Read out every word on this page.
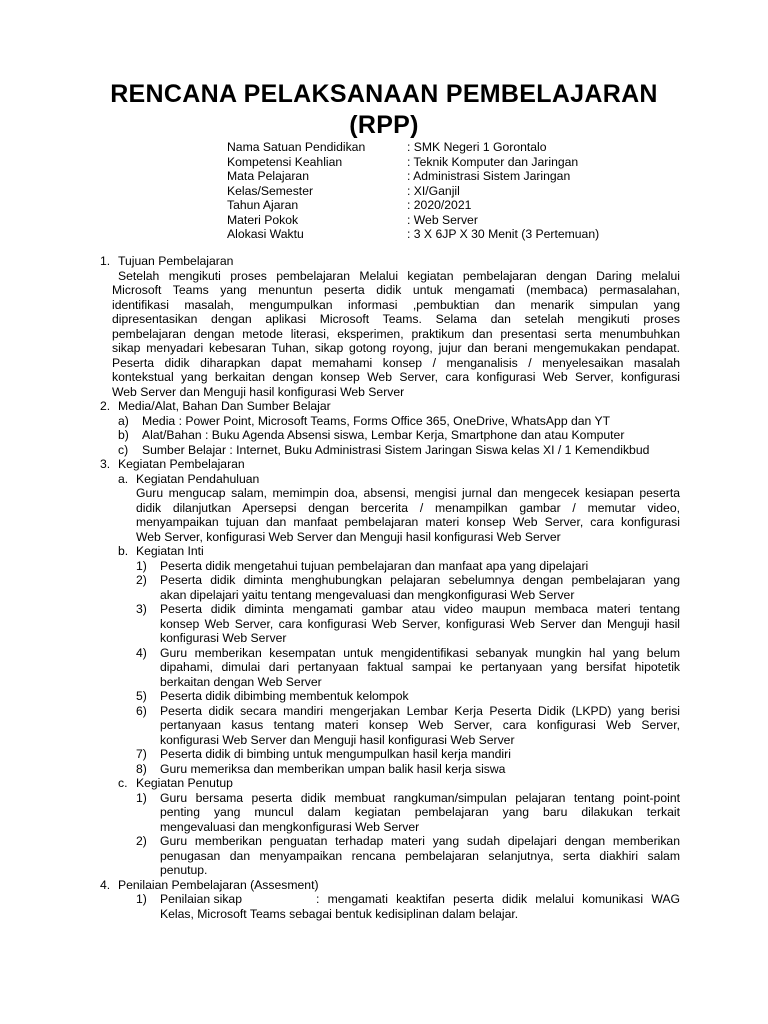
RENCANA PELAKSANAAN PEMBELAJARAN
(RPP)
Nama Satuan Pendidikan	: SMK Negeri 1 Gorontalo
Kompetensi Keahlian	: Teknik Komputer dan Jaringan
Mata Pelajaran	: Administrasi Sistem Jaringan
Kelas/Semester	: XI/Ganjil
Tahun Ajaran	: 2020/2021
Materi Pokok	: Web Server
Alokasi Waktu	: 3 X 6JP X 30 Menit (3 Pertemuan)
1. Tujuan Pembelajaran
Setelah mengikuti proses pembelajaran Melalui kegiatan pembelajaran dengan Daring melalui
Microsoft Teams yang menuntun peserta didik untuk mengamati (membaca) permasalahan,
identifikasi masalah, mengumpulkan informasi ,pembuktian dan menarik simpulan yang
dipresentasikan dengan aplikasi Microsoft Teams. Selama dan setelah mengikuti proses
pembelajaran dengan metode literasi, eksperimen, praktikum dan presentasi serta menumbuhkan
sikap menyadari kebesaran Tuhan, sikap gotong royong, jujur dan berani mengemukakan pendapat.
Peserta didik diharapkan dapat memahami konsep / menganalisis / menyelesaikan masalah
kontekstual yang berkaitan dengan konsep Web Server, cara konfigurasi Web Server, konfigurasi
Web Server dan Menguji hasil konfigurasi Web Server
2. Media/Alat, Bahan Dan Sumber Belajar
a) Media : Power Point, Microsoft Teams, Forms Office 365, OneDrive, WhatsApp dan YT
b) Alat/Bahan : Buku Agenda Absensi siswa, Lembar Kerja, Smartphone dan atau Komputer
c) Sumber Belajar : Internet, Buku Administrasi Sistem Jaringan Siswa kelas XI / 1 Kemendikbud
3. Kegiatan Pembelajaran
a. Kegiatan Pendahuluan
Guru mengucap salam, memimpin doa, absensi, mengisi jurnal dan mengecek kesiapan peserta
didik dilanjutkan Apersepsi dengan bercerita / menampilkan gambar / memutar video,
menyampaikan tujuan dan manfaat pembelajaran materi konsep Web Server, cara konfigurasi
Web Server, konfigurasi Web Server dan Menguji hasil konfigurasi Web Server
b. Kegiatan Inti
1) Peserta didik mengetahui tujuan pembelajaran dan manfaat apa yang dipelajari
2) Peserta didik diminta menghubungkan pelajaran sebelumnya dengan pembelajaran yang
akan dipelajari yaitu tentang mengevaluasi dan mengkonfigurasi Web Server
3) Peserta didik diminta mengamati gambar atau video maupun membaca materi tentang
konsep Web Server, cara konfigurasi Web Server, konfigurasi Web Server dan Menguji hasil
konfigurasi Web Server
4) Guru memberikan kesempatan untuk mengidentifikasi sebanyak mungkin hal yang belum
dipahami, dimulai dari pertanyaan faktual sampai ke pertanyaan yang bersifat hipotetik
berkaitan dengan Web Server
5) Peserta didik dibimbing membentuk kelompok
6) Peserta didik secara mandiri mengerjakan Lembar Kerja Peserta Didik (LKPD) yang berisi
pertanyaan kasus tentang materi konsep Web Server, cara konfigurasi Web Server,
konfigurasi Web Server dan Menguji hasil konfigurasi Web Server
7) Peserta didik di bimbing untuk mengumpulkan hasil kerja mandiri
8) Guru memeriksa dan memberikan umpan balik hasil kerja siswa
c. Kegiatan Penutup
1) Guru bersama peserta didik membuat rangkuman/simpulan pelajaran tentang point-point
penting yang muncul dalam kegiatan pembelajaran yang baru dilakukan terkait
mengevaluasi dan mengkonfigurasi Web Server
2) Guru memberikan penguatan terhadap materi yang sudah dipelajari dengan memberikan
penugasan dan menyampaikan rencana pembelajaran selanjutnya, serta diakhiri salam
penutup.
4. Penilaian Pembelajaran (Assesment)
1) Penilaian sikap	: mengamati keaktifan peserta didik melalui komunikasi WAG
Kelas, Microsoft Teams sebagai bentuk kedisiplinan dalam belajar.
